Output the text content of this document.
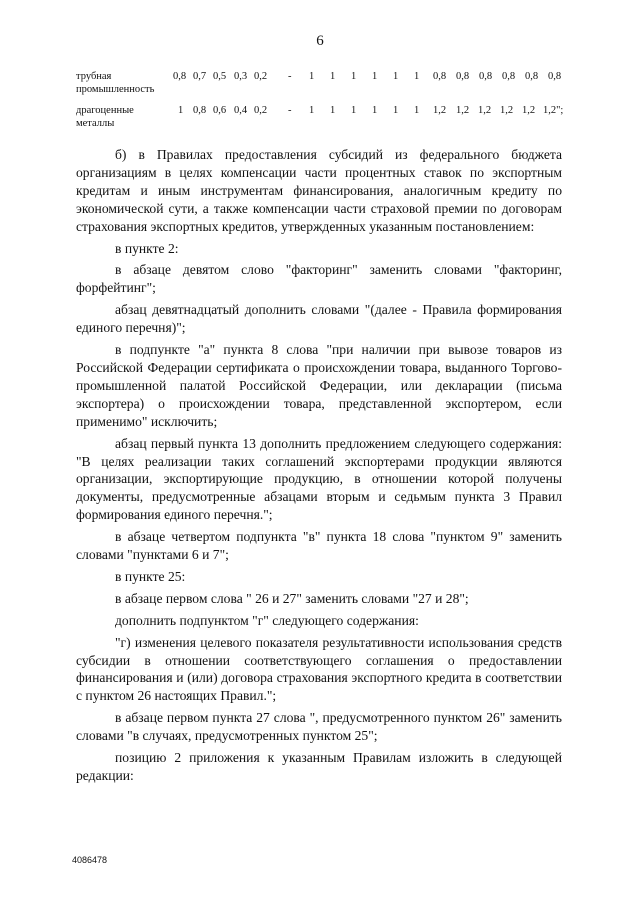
6
трубная
промышленность
0,8 0,7 0,5 0,3 0,2 - 1 1 1 1 1 1 0,8 0,8 0,8 0,8 0,8 0,8
драгоценные
металлы
1 0,8 0,6 0,4 0,2 - 1 1 1 1 1 1 1,2 1,2 1,2 1,2 1,2 1,2";

б) в Правилах предоставления субсидий из федерального бюджета организациям в целях компенсации части процентных ставок по экспортным кредитам и иным инструментам финансирования, аналогичным кредиту по экономической сути, а также компенсации части страховой премии по договорам страхования экспортных кредитов, утвержденных указанным постановлением:

в пункте 2:

в абзаце девятом слово "факторинг" заменить словами "факторинг, форфейтинг";

абзац девятнадцатый дополнить словами "(далее - Правила формирования единого перечня)";

в подпункте "а" пункта 8 слова "при наличии при вывозе товаров из Российской Федерации сертификата о происхождении товара, выданного Торгово-промышленной палатой Российской Федерации, или декларации (письма экспортера) о происхождении товара, представленной экспортером, если применимо" исключить;

абзац первый пункта 13 дополнить предложением следующего содержания: "В целях реализации таких соглашений экспортерами продукции являются организации, экспортирующие продукцию, в отношении которой получены документы, предусмотренные абзацами вторым и седьмым пункта 3 Правил формирования единого перечня.";

в абзаце четвертом подпункта "в" пункта 18 слова "пунктом 9" заменить словами "пунктами 6 и 7";

в пункте 25:

в абзаце первом слова " 26 и 27" заменить словами "27 и 28";

дополнить подпунктом "г" следующего содержания:

"г) изменения целевого показателя результативности использования средств субсидии в отношении соответствующего соглашения о предоставлении финансирования и (или) договора страхования экспортного кредита в соответствии с пунктом 26 настоящих Правил.";

в абзаце первом пункта 27 слова ", предусмотренного пунктом 26" заменить словами "в случаях, предусмотренных пунктом 25";

позицию 2 приложения к указанным Правилам изложить в следующей редакции:

4086478
